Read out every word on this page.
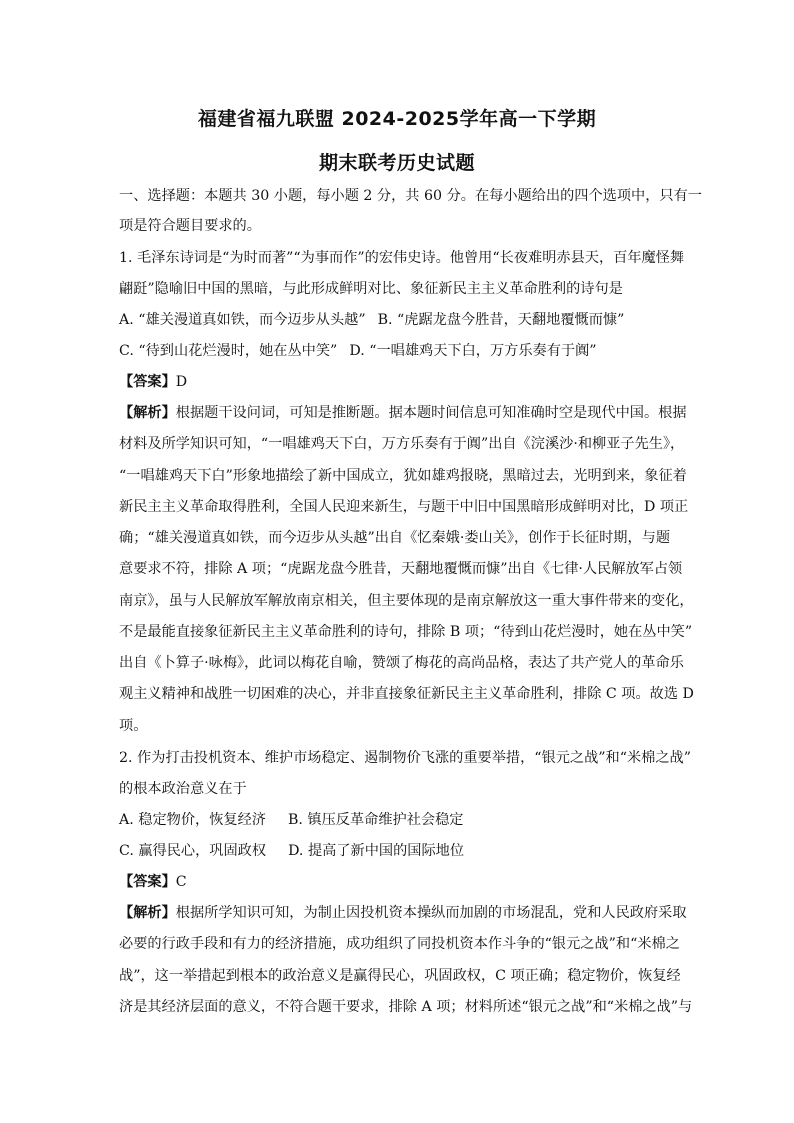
福建省福九联盟 2024-2025学年高一下学期
期末联考历史试题
一、选择题：本题共 30 小题，每小题 2 分，共 60 分。在每小题给出的四个选项中，只有一
项是符合题目要求的。
1. 毛泽东诗词是“为时而著”“为事而作”的宏伟史诗。他曾用“长夜难明赤县天，百年魔怪舞
翩跹”隐喻旧中国的黑暗，与此形成鲜明对比、象征新民主主义革命胜利的诗句是
A. “雄关漫道真如铁，而今迈步从头越” B. “虎踞龙盘今胜昔，天翻地覆慨而慷”
C. “待到山花烂漫时，她在丛中笑” D. “一唱雄鸡天下白，万方乐奏有于阗”
【答案】D
【解析】根据题干设问词，可知是推断题。据本题时间信息可知准确时空是现代中国。根据
材料及所学知识可知，“一唱雄鸡天下白，万方乐奏有于阗”出自《浣溪沙·和柳亚子先生》，
“一唱雄鸡天下白”形象地描绘了新中国成立，犹如雄鸡报晓，黑暗过去，光明到来，象征着
新民主主义革命取得胜利，全国人民迎来新生，与题干中旧中国黑暗形成鲜明对比，D 项正
确；“雄关漫道真如铁，而今迈步从头越”出自《忆秦娥·娄山关》，创作于长征时期，与题
意要求不符，排除 A 项；“虎踞龙盘今胜昔，天翻地覆慨而慷”出自《七律·人民解放军占领
南京》，虽与人民解放军解放南京相关，但主要体现的是南京解放这一重大事件带来的变化，
不是最能直接象征新民主主义革命胜利的诗句，排除 B 项；“待到山花烂漫时，她在丛中笑”
出自《卜算子·咏梅》，此词以梅花自喻，赞颂了梅花的高尚品格，表达了共产党人的革命乐
观主义精神和战胜一切困难的决心，并非直接象征新民主主义革命胜利，排除 C 项。故选 D
项。
2. 作为打击投机资本、维护市场稳定、遏制物价飞涨的重要举措，“银元之战”和“米棉之战”
的根本政治意义在于
A. 稳定物价，恢复经济 B. 镇压反革命维护社会稳定
C. 赢得民心，巩固政权 D. 提高了新中国的国际地位
【答案】C
【解析】根据所学知识可知，为制止因投机资本操纵而加剧的市场混乱，党和人民政府采取
必要的行政手段和有力的经济措施，成功组织了同投机资本作斗争的“银元之战”和“米棉之
战”，这一举措起到根本的政治意义是赢得民心，巩固政权，C 项正确；稳定物价，恢复经
济是其经济层面的意义，不符合题干要求，排除 A 项；材料所述“银元之战”和“米棉之战”与
